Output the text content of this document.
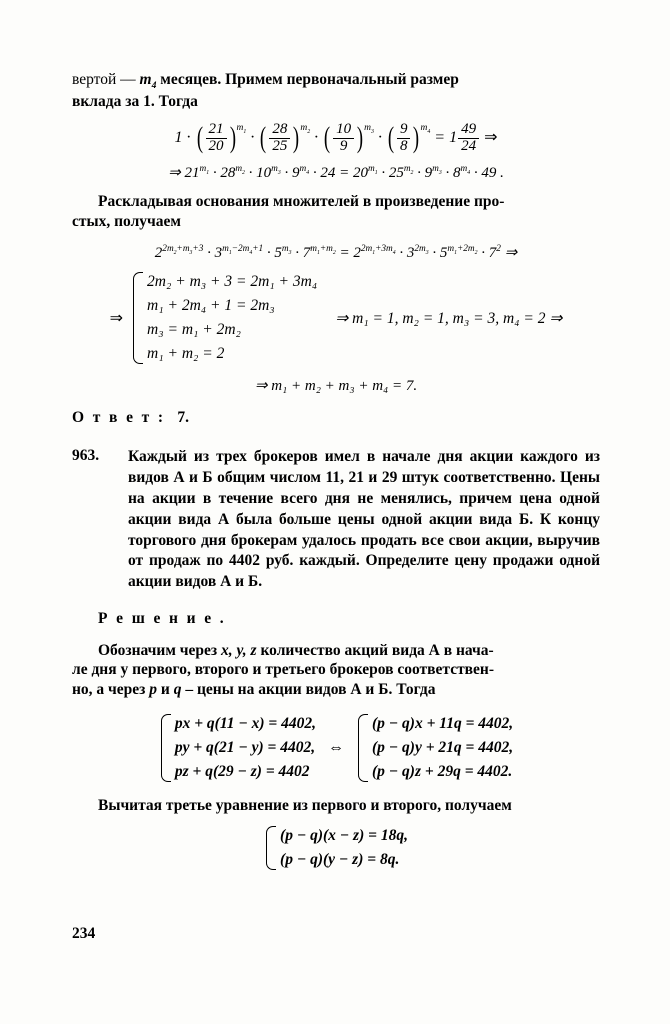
вертой — $m_4$ месяцев. Примем первоначальный размер
вклада за 1. Тогда

1 · ( $\frac{21}{20} )m_1$ · ( $\frac{28}{25} )m_2$ · ( $\frac{10}{9} )m_3$ · ( $\frac{9}{8} )m_4 = 1 \frac{49}{24}$ ⇒
⇒ $21^{m_1} \cdot 28^{m_2} \cdot 10^{m_3} \cdot 9^{m_4} \cdot 24 = 20^{m_1} \cdot 25^{m_2} \cdot 9^{m_3} \cdot 8^{m_4} \cdot 49$ .

Раскладывая основания множителей в произведение про-
стых, получаем

$2^{2m_2+m_3+3} \cdot 3^{m_1-2m_4+1} \cdot 5^{m_3} \cdot 7^{m_1+m_2} = 2^{2m_1+3m_4} \cdot 3^{2m_3} \cdot 5^{m_1+2m_2} \cdot 7^2$ ⇒
⇒ 2m₂ + m₃ + 3 = 2m₁ + 3m₄
m₁ + 2m₄ + 1 = 2m₃
m₃ = m₁ + 2m₂
m₁ + m₂ = 2 ⇒ m₁ = 1, m₂ = 1, m₃ = 3, m₄ = 2 ⇒
⇒ m₁ + m₂ + m₃ + m₄ = 7.
О т в е т : 7.
963. Каждый из трех брокеров имел в начале дня акции каждого из видов А и Б общим числом 11, 21 и 29 штук соответственно. Цены на акции в течение всего дня не менялись, причем цена одной акции вида А была больше цены одной акции вида Б. К концу торгового дня брокерам удалось продать все свои акции, выручив от продаж по 4402 руб. каждый. Определите цену продажи одной акции видов А и Б.

Р е ш е н и е .

Обозначим через x, y, z количество акций вида А в нача-
ле дня у первого, второго и третьего брокеров соответствен-
но, а через p и q – цены на акции видов А и Б. Тогда

px + q(11 − x) = 4402,
py + q(21 − y) = 4402,
pz + q(29 − z) = 4402 ⇔ (p − q)x + 11q = 4402,
(p − q)y + 21q = 4402,
(p − q)z + 29q = 4402.

Вычитая третье уравнение из первого и второго, получаем

(p − q)(x − z) = 18q,
(p − q)(y − z) = 8q.
234
